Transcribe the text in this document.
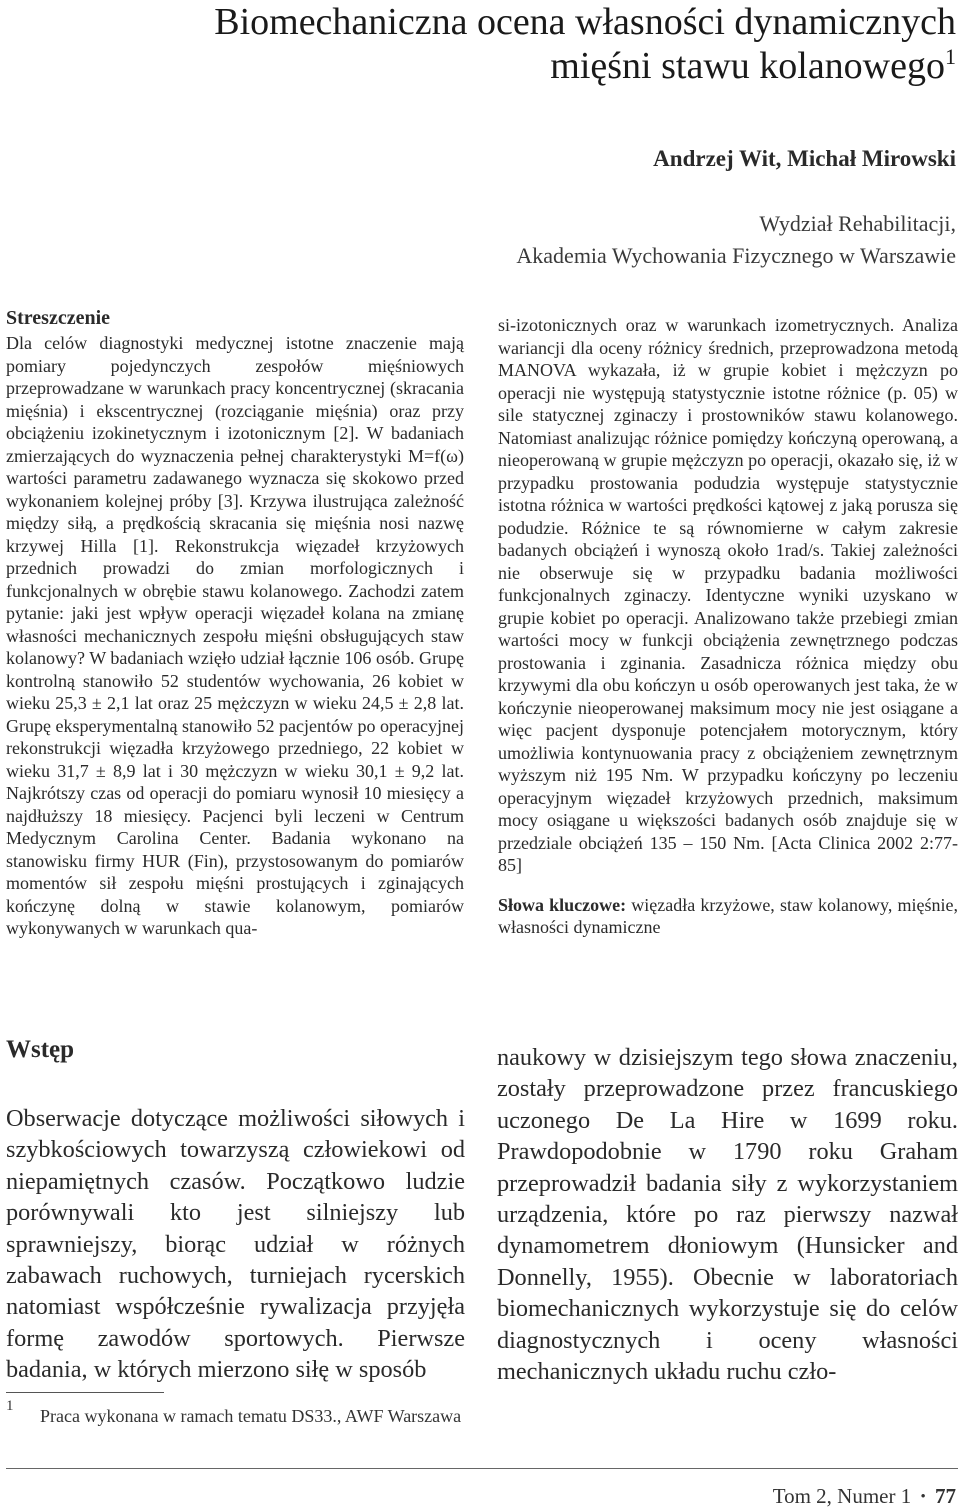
Biomechaniczna ocena własności dynamicznych
mięśni stawu kolanowego$^1$
Andrzej Wit, Michał Mirowski
Wydział Rehabilitacji,
Akademia Wychowania Fizycznego w Warszawie
Streszczenie

Dla celów diagnostyki medycznej istotne znaczenie mają pomiary pojedynczych zespołów mięśniowych przeprowadzane w warunkach pracy koncentrycznej (skracania mięśnia) i ekscentrycznej (rozciąganie mięśnia) oraz przy obciążeniu izokinetycznym i izotonicznym [2]. W badaniach zmierzających do wyznaczenia pełnej charakterystyki M=f(ω) wartości parametru zadawanego wyznacza się skokowo przed wykonaniem kolejnej próby [3]. Krzywa ilustrująca zależność między siłą, a prędkością skracania się mięśnia nosi nazwę krzywej Hilla [1]. Rekonstrukcja więzadeł krzyżowych przednich prowadzi do zmian morfologicznych i funkcjonalnych w obrębie stawu kolanowego. Zachodzi zatem pytanie: jaki jest wpływ operacji więzadeł kolana na zmianę własności mechanicznych zespołu mięśni obsługujących staw kolanowy? W badaniach wzięło udział łącznie 106 osób. Grupę kontrolną stanowiło 52 studentów wychowania, 26 kobiet w wieku 25,3 ± 2,1 lat oraz 25 mężczyzn w wieku 24,5 ± 2,8 lat. Grupę eksperymentalną stanowiło 52 pacjentów po operacyjnej rekonstrukcji więzadła krzyżowego przedniego, 22 kobiet w wieku 31,7 ± 8,9 lat i 30 mężczyzn w wieku 30,1 ± 9,2 lat. Najkrótszy czas od operacji do pomiaru wynosił 10 miesięcy a najdłuższy 18 miesięcy. Pacjenci byli leczeni w Centrum Medycznym Carolina Center. Badania wykonano na stanowisku firmy HUR (Fin), przystosowanym do pomiarów momentów sił zespołu mięśni prostujących i zginających kończynę dolną w stawie kolanowym, pomiarów wykonywanych w warunkach qua-

si-izotonicznych oraz w warunkach izometrycznych. Analiza wariancji dla oceny różnicy średnich, przeprowadzona metodą MANOVA wykazała, iż w grupie kobiet i mężczyzn po operacji nie występują statystycznie istotne różnice (p. 05) w sile statycznej zginaczy i prostowników stawu kolanowego. Natomiast analizując różnice pomiędzy kończyną operowaną, a nieoperowaną w grupie mężczyzn po operacji, okazało się, iż w przypadku prostowania podudzia występuje statystycznie istotna różnica w wartości prędkości kątowej z jaką porusza się podudzie. Różnice te są równomierne w całym zakresie badanych obciążeń i wynoszą około 1rad/s. Takiej zależności nie obserwuje się w przypadku badania możliwości funkcjonalnych zginaczy. Identyczne wyniki uzyskano w grupie kobiet po operacji. Analizowano także przebiegi zmian wartości mocy w funkcji obciążenia zewnętrznego podczas prostowania i zginania. Zasadnicza różnica między obu krzywymi dla obu kończyn u osób operowanych jest taka, że w kończynie nieoperowanej maksimum mocy nie jest osiągane a więc pacjent dysponuje potencjałem motorycznym, który umożliwia kontynuowania pracy z obciążeniem zewnętrznym wyższym niż 195 Nm. W przypadku kończyny po leczeniu operacyjnym więzadeł krzyżowych przednich, maksimum mocy osiągane u większości badanych osób znajduje się w przedziale obciążeń 135 – 150 Nm. [Acta Clinica 2002 2:77-85]

Słowa kluczowe: więzadła krzyżowe, staw kolanowy, mięśnie, własności dynamiczne

Wstęp

Obserwacje dotyczące możliwości siłowych i szybkościowych towarzyszą człowiekowi od niepamiętnych czasów. Początkowo ludzie porównywali kto jest silniejszy lub sprawniejszy, biorąc udział w różnych zabawach ruchowych, turniejach rycerskich natomiast współcześnie rywalizacja przyjęła formę zawodów sportowych. Pierwsze badania, w których mierzono siłę w sposób

naukowy w dzisiejszym tego słowa znaczeniu, zostały przeprowadzone przez francuskiego uczonego De La Hire w 1699 roku. Prawdopodobnie w 1790 roku Graham przeprowadził badania siły z wykorzystaniem urządzenia, które po raz pierwszy nazwał dynamometrem dłoniowym (Hunsicker and Donnelly, 1955). Obecnie w laboratoriach biomechanicznych wykorzystuje się do celów diagnostycznych i oceny własności mechanicznych układu ruchu czło-

1 Praca wykonana w ramach tematu DS33., AWF Warszawa
Tom 2, Numer 1 • 77
